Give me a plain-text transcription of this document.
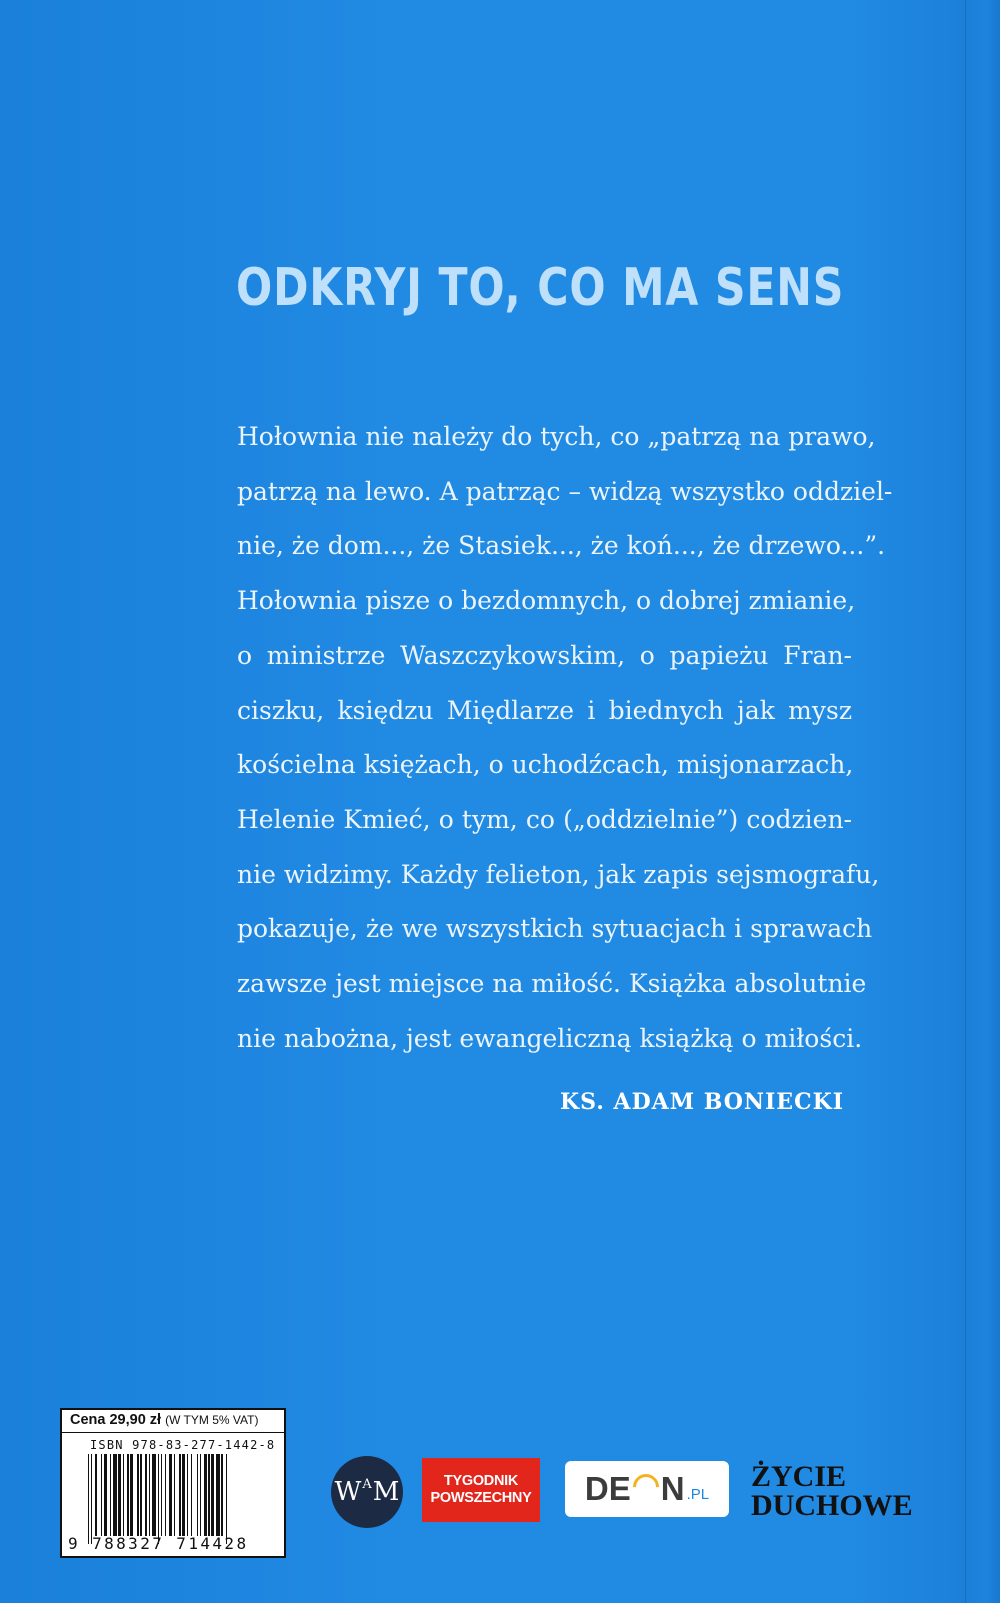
ODKRYJ TO, CO MA SENS
Hołownia nie należy do tych, co „patrzą na prawo,
patrzą na lewo. A patrząc – widzą wszystko oddziel-
nie, że dom..., że Stasiek..., że koń..., że drzewo...”.
Hołownia pisze o bezdomnych, o dobrej zmianie,
o ministrze Waszczykowskim, o papieżu Fran-
ciszku, księdzu Międlarze i biednych jak mysz
kościelna księżach, o uchodźcach, misjonarzach,
Helenie Kmieć, o tym, co („oddzielnie”) codzien-
nie widzimy. Każdy felieton, jak zapis sejsmografu,
pokazuje, że we wszystkich sytuacjach i sprawach
zawsze jest miejsce na miłość. Książka absolutnie
nie nabożna, jest ewangeliczną książką o miłości.

KS. ADAM BONIECKI

Cena 29,90 zł (W TYM 5% VAT)
ISBN 978-83-277-1442-8
9 788327 714428
W A M	TYGODNIK
POWSZECHNY DE N .PL
ŻYCIE
DUCHOWE
